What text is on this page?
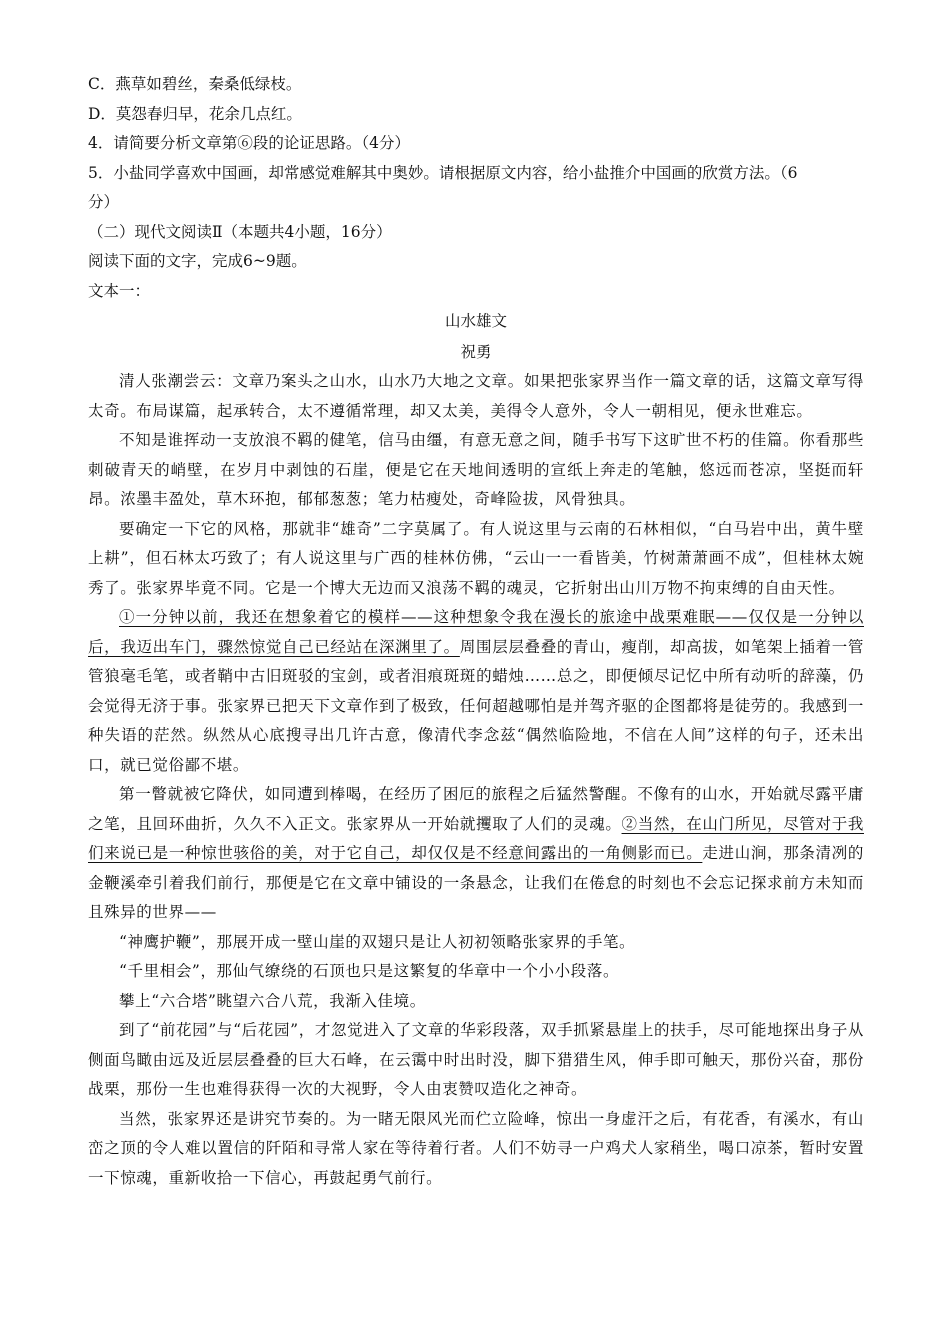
C．燕草如碧丝，秦桑低绿枝。
D．莫怨春归早，花余几点红。
4．请简要分析文章第⑥段的论证思路。（4分）
5．小盐同学喜欢中国画，却常感觉难解其中奥妙。请根据原文内容，给小盐推介中国画的欣赏方法。（6
分）
（二）现代文阅读Ⅱ（本题共4小题，16分）
阅读下面的文字，完成6~9题。
文本一：
山水雄文
祝勇
清人张潮尝云：文章乃案头之山水，山水乃大地之文章。如果把张家界当作一篇文章的话，这篇文章写得太奇。布局谋篇，起承转合，太不遵循常理，却又太美，美得令人意外，令人一朝相见，便永世难忘。
不知是谁挥动一支放浪不羁的健笔，信马由缰，有意无意之间，随手书写下这旷世不朽的佳篇。你看那些刺破青天的峭壁，在岁月中剥蚀的石崖，便是它在天地间透明的宣纸上奔走的笔触，悠远而苍凉，坚挺而轩昂。浓墨丰盈处，草木环抱，郁郁葱葱；笔力枯瘦处，奇峰险拔，风骨独具。
要确定一下它的风格，那就非“雄奇”二字莫属了。有人说这里与云南的石林相似，“白马岩中出，黄牛壁上耕”，但石林太巧致了；有人说这里与广西的桂林仿佛，“云山一一看皆美，竹树萧萧画不成”，但桂林太婉秀了。张家界毕竟不同。它是一个博大无边而又浪荡不羁的魂灵，它折射出山川万物不拘束缚的自由天性。
①一分钟以前，我还在想象着它的模样——这种想象令我在漫长的旅途中战栗难眠——仅仅是一分钟以后，我迈出车门，骤然惊觉自己已经站在深渊里了。周围层层叠叠的青山，瘦削，却高拔，如笔架上插着一管管狼毫毛笔，或者鞘中古旧斑驳的宝剑，或者泪痕斑斑的蜡烛……总之，即便倾尽记忆中所有动听的辞藻，仍会觉得无济于事。张家界已把天下文章作到了极致，任何超越哪怕是并驾齐驱的企图都将是徒劳的。我感到一种失语的茫然。纵然从心底搜寻出几许古意，像清代李念兹“偶然临险地，不信在人间”这样的句子，还未出口，就已觉俗鄙不堪。
第一瞥就被它降伏，如同遭到棒喝，在经历了困厄的旅程之后猛然警醒。不像有的山水，开始就尽露平庸之笔，且回环曲折，久久不入正文。张家界从一开始就攫取了人们的灵魂。②当然，在山门所见，尽管对于我们来说已是一种惊世骇俗的美，对于它自己，却仅仅是不经意间露出的一角侧影而已。走进山涧，那条清冽的金鞭溪牵引着我们前行，那便是它在文章中铺设的一条悬念，让我们在倦怠的时刻也不会忘记探求前方未知而且殊异的世界——
“神鹰护鞭”，那展开成一壁山崖的双翅只是让人初初领略张家界的手笔。
“千里相会”，那仙气缭绕的石顶也只是这繁复的华章中一个小小段落。
攀上“六合塔”眺望六合八荒，我渐入佳境。
到了“前花园”与“后花园”，才忽觉进入了文章的华彩段落，双手抓紧悬崖上的扶手，尽可能地探出身子从侧面鸟瞰由远及近层层叠叠的巨大石峰，在云霭中时出时没，脚下猎猎生风，伸手即可触天，那份兴奋，那份战栗，那份一生也难得获得一次的大视野，令人由衷赞叹造化之神奇。
当然，张家界还是讲究节奏的。为一睹无限风光而伫立险峰，惊出一身虚汗之后，有花香，有溪水，有山峦之顶的令人难以置信的阡陌和寻常人家在等待着行者。人们不妨寻一户鸡犬人家稍坐，喝口凉茶，暂时安置一下惊魂，重新收拾一下信心，再鼓起勇气前行。
